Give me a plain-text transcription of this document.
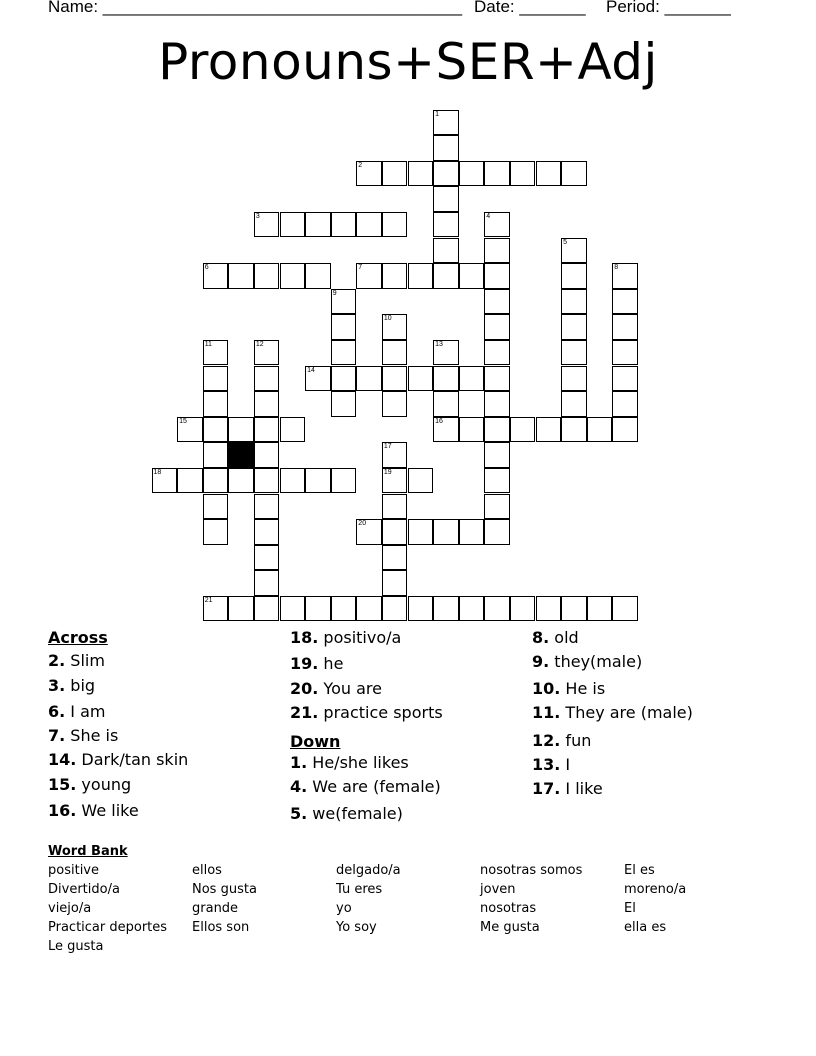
Name: ______________________________________ Date: _______ Period: _______
Pronouns+SER+Adj
1
2
3	4
5
6	7	8
9
10
11	12	13
16
14
15
17
19
18
20
21
Across
2. Slim
3. big
6. I am
7. She is
14. Dark/tan skin
15. young
16. We like
18. positivo/a
19. he
20. You are
21. practice sports
Down
1. He/she likes
4. We are (female)
5. we(female)
8. old
9. they(male)
10. He is
11. They are (male)
12. fun
13. I
17. I like
Word Bank
positive
Divertido/a
viejo/a
Practicar deportes
Le gusta
ellos
Nos gusta
grande
Ellos son
delgado/a
Tu eres
yo
Yo soy
nosotras somos
joven
nosotras
Me gusta
El es
moreno/a
El
ella es
